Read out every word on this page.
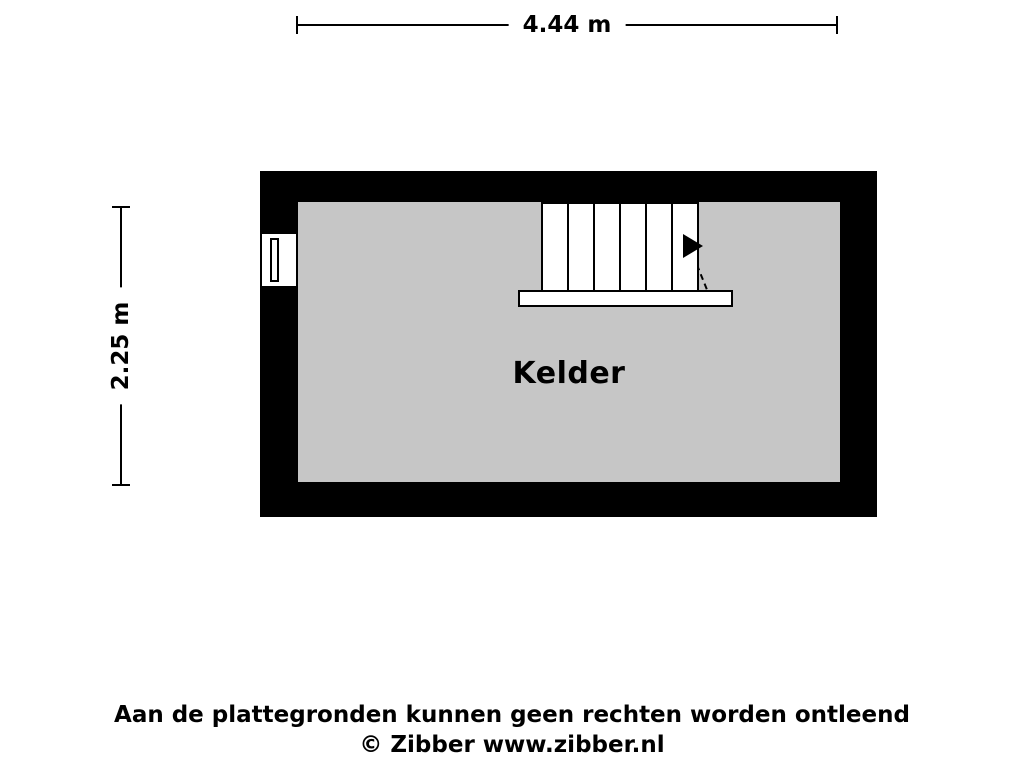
4.44 m
2.25 m	Kelder
Aan de plattegronden kunnen geen rechten worden ontleend
© Zibber www.zibber.nl
